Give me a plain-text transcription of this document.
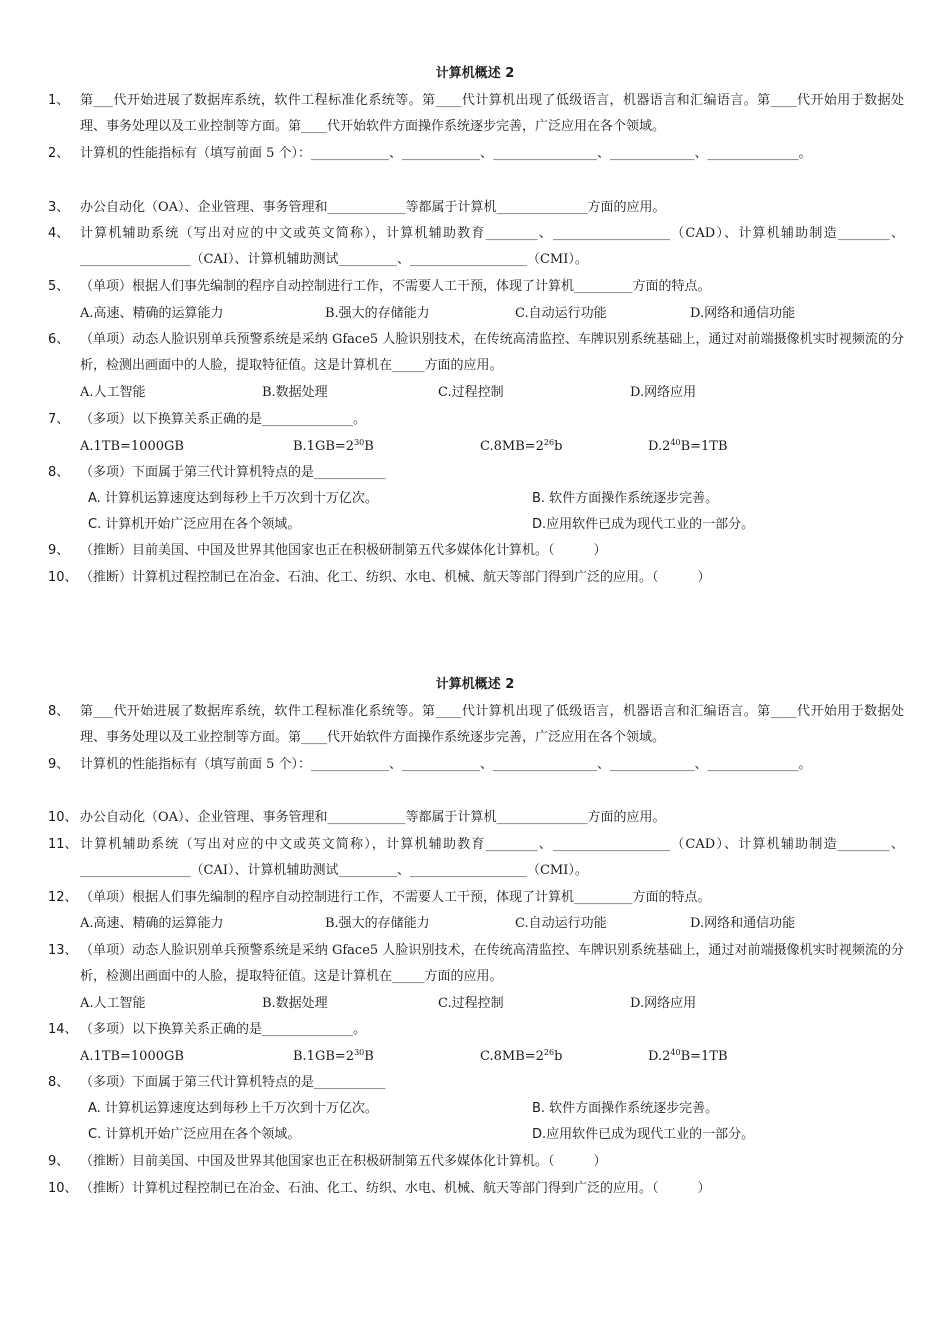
计算机概述 2
1、 第___代开始进展了数据库系统，软件工程标准化系统等。第____代计算机出现了低级语言，机器语言和汇编语言。第____代开始用于数据处理、事务处理以及工业控制等方面。第____代开始软件方面操作系统逐步完善，广泛应用在各个领域。
2、 计算机的性能指标有（填写前面 5 个）：____________、____________、________________、_____________、______________。
3、 办公自动化（OA）、企业管理、事务管理和____________等都属于计算机______________方面的应用。
4、 计算机辅助系统（写出对应的中文或英文简称），计算机辅助教育________、__________________（CAD）、计算机辅助制造________、_________________（CAI）、计算机辅助测试_________、__________________（CMI）。
5、 （单项）根据人们事先编制的程序自动控制进行工作，不需要人工干预，体现了计算机_________方面的特点。
A.高速、精确的运算能力	B.强大的存储能力	C.自动运行功能	D.网络和通信功能
6、 （单项）动态人脸识别单兵预警系统是采纳 Gface5 人脸识别技术，在传统高清监控、车牌识别系统基础上，通过对前端摄像机实时视频流的分析，检测出画面中的人脸，提取特征值。这是计算机在_____方面的应用。
A.人工智能	B.数据处理	C.过程控制	D.网络应用
7、 （多项）以下换算关系正确的是______________。
A.1TB=1000GB	$B.1GB=2^{30}B$	$C.8MB=2^{26}b$	$D.2^{40}B=1TB$
8、 （多项）下面属于第三代计算机特点的是___________
A. 计算机运算速度达到每秒上千万次到十万亿次。	B. 软件方面操作系统逐步完善。
C. 计算机开始广泛应用在各个领域。	D.应用软件已成为现代工业的一部分。
9、 （推断）目前美国、中国及世界其他国家也正在积极研制第五代多媒体化计算机。（　　　）
10、 （推断）计算机过程控制已在冶金、石油、化工、纺织、水电、机械、航天等部门得到广泛的应用。（　　　）
计算机概述 2
8、 第___代开始进展了数据库系统，软件工程标准化系统等。第____代计算机出现了低级语言，机器语言和汇编语言。第____代开始用于数据处理、事务处理以及工业控制等方面。第____代开始软件方面操作系统逐步完善，广泛应用在各个领域。
9、 计算机的性能指标有（填写前面 5 个）：____________、____________、________________、_____________、______________。
10、 办公自动化（OA）、企业管理、事务管理和____________等都属于计算机______________方面的应用。
11、 计算机辅助系统（写出对应的中文或英文简称），计算机辅助教育________、__________________（CAD）、计算机辅助制造________、_________________（CAI）、计算机辅助测试_________、__________________（CMI）。
12、 （单项）根据人们事先编制的程序自动控制进行工作，不需要人工干预，体现了计算机_________方面的特点。
A.高速、精确的运算能力	B.强大的存储能力	C.自动运行功能	D.网络和通信功能
13、 （单项）动态人脸识别单兵预警系统是采纳 Gface5 人脸识别技术，在传统高清监控、车牌识别系统基础上，通过对前端摄像机实时视频流的分析，检测出画面中的人脸，提取特征值。这是计算机在_____方面的应用。
A.人工智能	B.数据处理	C.过程控制	D.网络应用
14、 （多项）以下换算关系正确的是______________。
A.1TB=1000GB	$B.1GB=2^{30}B$	$C.8MB=2^{26}b$	$D.2^{40}B=1TB$
8、 （多项）下面属于第三代计算机特点的是___________
A. 计算机运算速度达到每秒上千万次到十万亿次。	B. 软件方面操作系统逐步完善。
C. 计算机开始广泛应用在各个领域。	D.应用软件已成为现代工业的一部分。
9、 （推断）目前美国、中国及世界其他国家也正在积极研制第五代多媒体化计算机。（　　　）
10、 （推断）计算机过程控制已在冶金、石油、化工、纺织、水电、机械、航天等部门得到广泛的应用。（　　　）
